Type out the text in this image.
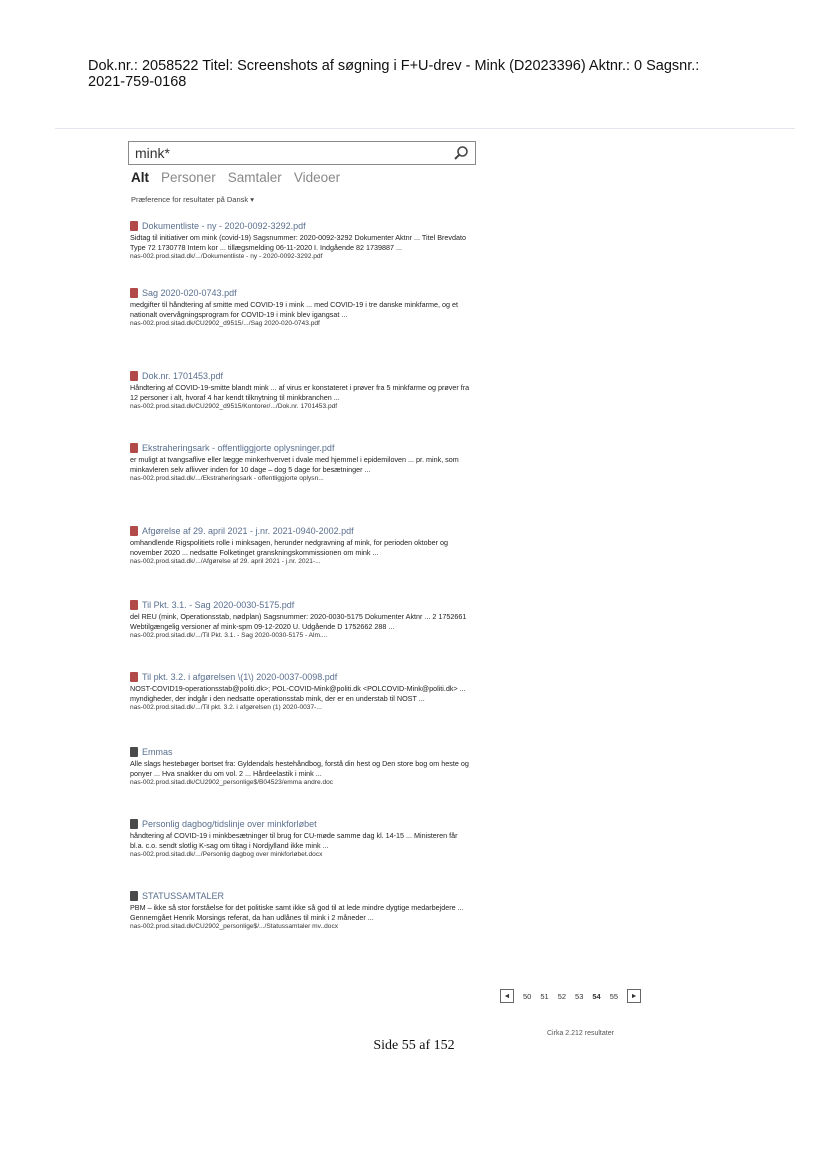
Dok.nr.: 2058522 Titel: Screenshots af søgning i F+U-drev - Mink (D2023396) Aktnr.: 0 Sagsnr.:
2021-759-0168
mink*
Alt Personer Samtaler Videoer
Præference for resultater på Dansk ▾
Dokumentliste - ny - 2020-0092-3292.pdf
Sidtag til initiativer om mink (covid-19) Sagsnummer: 2020-0092-3292 Dokumenter Aktnr ... Titel Brevdato Type 72 1730778 Intern kor ... tillægsmelding 06-11-2020 I. Indgående 82 1739887 ...
nas-002.prod.sitad.dk/.../Dokumentliste - ny - 2020-0092-3292.pdf
Sag 2020-020-0743.pdf
medgifter til håndtering af smitte med COVID-19 i mink ... med COVID-19 i tre danske minkfarme, og et nationalt overvågningsprogram for COVID-19 i mink blev igangsat ...
nas-002.prod.sitad.dk/CU2902_d9515/.../Sag 2020-020-0743.pdf
Dok.nr. 1701453.pdf
Håndtering af COVID-19-smitte blandt mink ... af virus er konstateret i prøver fra 5 minkfarme og prøver fra 12 personer i alt, hvoraf 4 har kendt tilknytning til minkbranchen ...
nas-002.prod.sitad.dk/CU2902_d9515/Kontorer/.../Dok.nr. 1701453.pdf
Ekstraheringsark - offentliggjorte oplysninger.pdf
er muligt at tvangsaflive eller lægge minkerhvervet i dvale med hjemmel i epidemiloven ... pr. mink, som minkavleren selv aflivver inden for 10 dage – dog 5 dage for besætninger ...
nas-002.prod.sitad.dk/.../Ekstraheringsark - offentliggjorte oplysn...
Afgørelse af 29. april 2021 - j.nr. 2021-0940-2002.pdf
omhandlende Rigspolitiets rolle i minksagen, herunder nedgravning af mink, for perioden oktober og november 2020 ... nedsatte Folketinget granskningskommissionen om mink ...
nas-002.prod.sitad.dk/.../Afgørelse af 29. april 2021 - j.nr. 2021-...
Til Pkt. 3.1. - Sag 2020-0030-5175.pdf
del REU (mink, Operationsstab, nødplan) Sagsnummer: 2020-0030-5175 Dokumenter Aktnr ... 2 1752661 Webtilgængelig versioner af mink-spm 09-12-2020 U. Udgående D 1752662 288 ...
nas-002.prod.sitad.dk/.../Til Pkt. 3.1. - Sag 2020-0030-5175 - Alm....
Til pkt. 3.2. i afgørelsen \(1\) 2020-0037-0098.pdf
NOST-COVID19-operationsstab@politi.dk>; POL-COVID-Mink@politi.dk <POLCOVID-Mink@politi.dk> ... myndigheder, der indgår i den nedsatte operationsstab mink, der er en understab til NOST ...
nas-002.prod.sitad.dk/.../Til pkt. 3.2. i afgørelsen (1) 2020-0037-...
Emmas
Alle slags hestebøger bortset fra: Gyldendals hestehåndbog, forstå din hest og Den store bog om heste og ponyer ... Hva snakker du om vol. 2 ... Hårdeelastik i mink ...
nas-002.prod.sitad.dk/CU2902_personlige$/B04523/emma andre.doc
Personlig dagbog/tidslinje over minkforløbet
håndtering af COVID-19 i minkbesætninger til brug for CU-møde samme dag kl. 14-15 ... Ministeren får bl.a. c.o. sendt slotlig K-sag om tiltag i Nordjylland ikke mink ...
nas-002.prod.sitad.dk/.../Personlig dagbog over minkforløbet.docx
STATUSSAMTALER
PBM – ikke så stor forståelse for det politiske samt ikke så god til at lede mindre dygtige medarbejdere ... Gennemgået Henrik Morsings referat, da han udlånes til mink i 2 måneder ...
nas-002.prod.sitad.dk/CU2902_personlige$/.../Statussamtaler mv..docx
◄	50 51 52 53 54 55	►
Cirka 2.212 resultater
Side 55 af 152
